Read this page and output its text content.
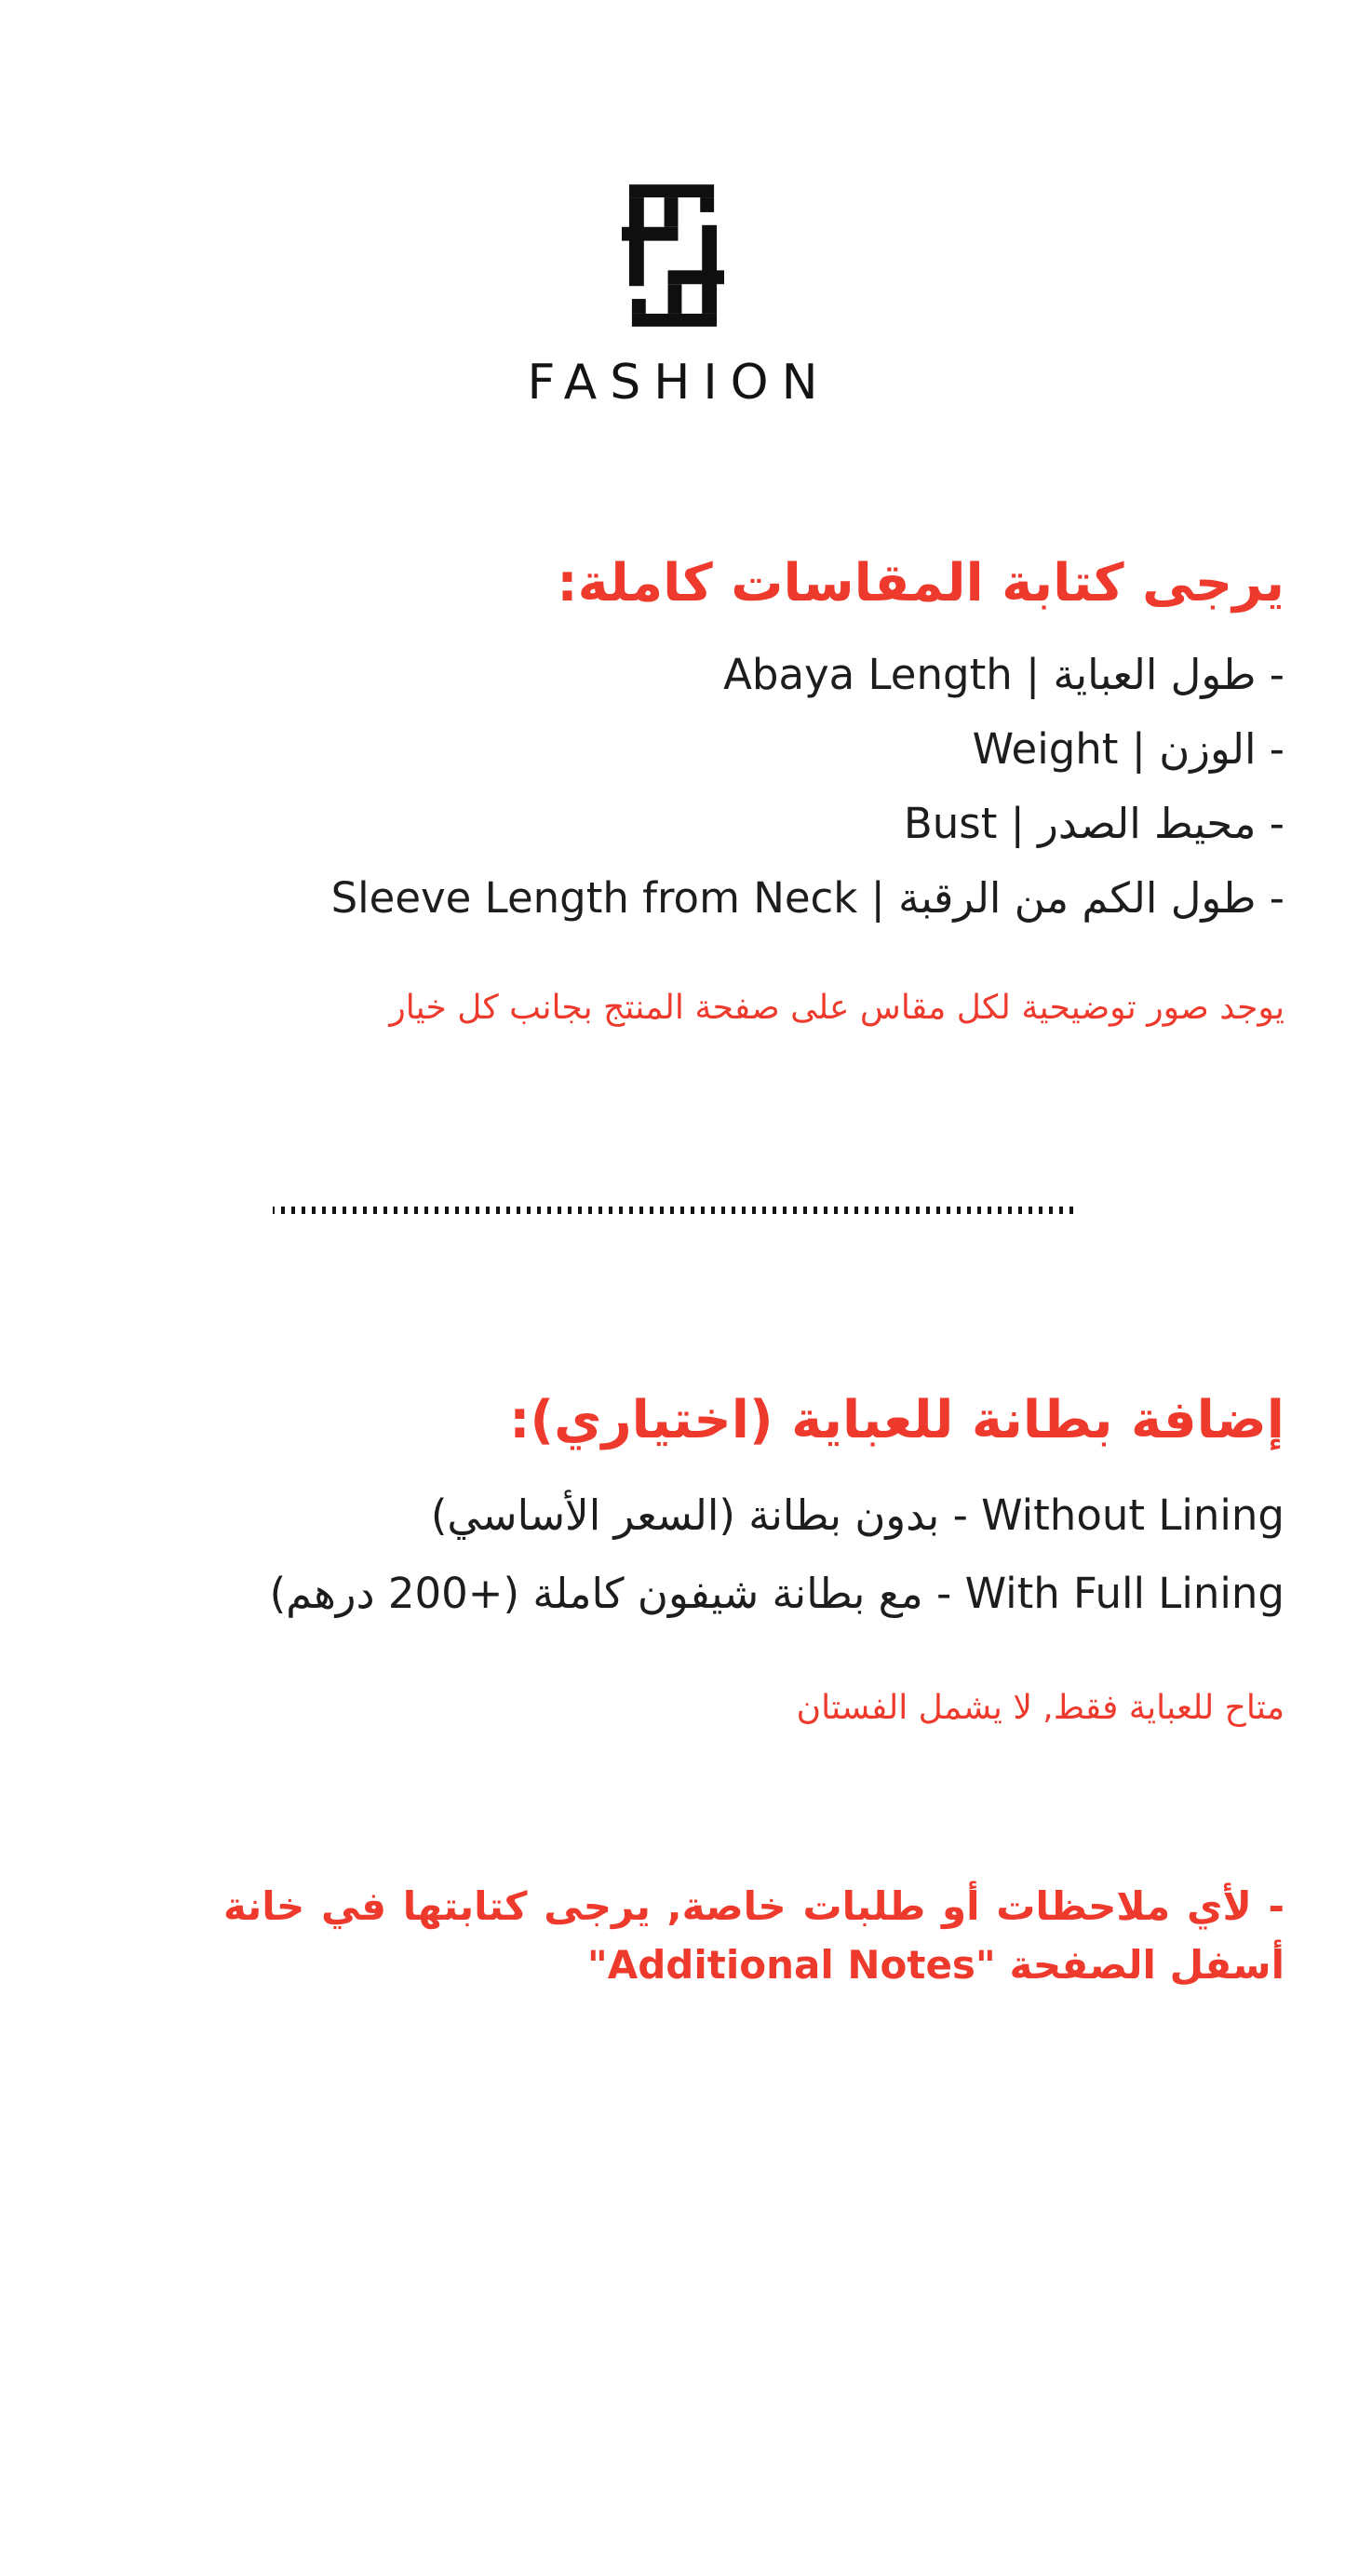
FASHION
يرجى كتابة المقاسات كاملة:
- طول العباية | Abaya Length
- الوزن | Weight
- محيط الصدر | Bust
- طول الكم من الرقبة | Sleeve Length from Neck
يوجد صور توضيحية لكل مقاس على صفحة المنتج بجانب كل خيار
إضافة بطانة للعباية (اختياري):
Without Lining - بدون بطانة (السعر الأساسي)
With Full Lining - مع بطانة شيفون كاملة (+200 درهم)
متاح للعباية فقط, لا يشمل الفستان
- لأي ملاحظات أو طلبات خاصة, يرجى كتابتها في خانة
"Additional Notes" أسفل الصفحة
